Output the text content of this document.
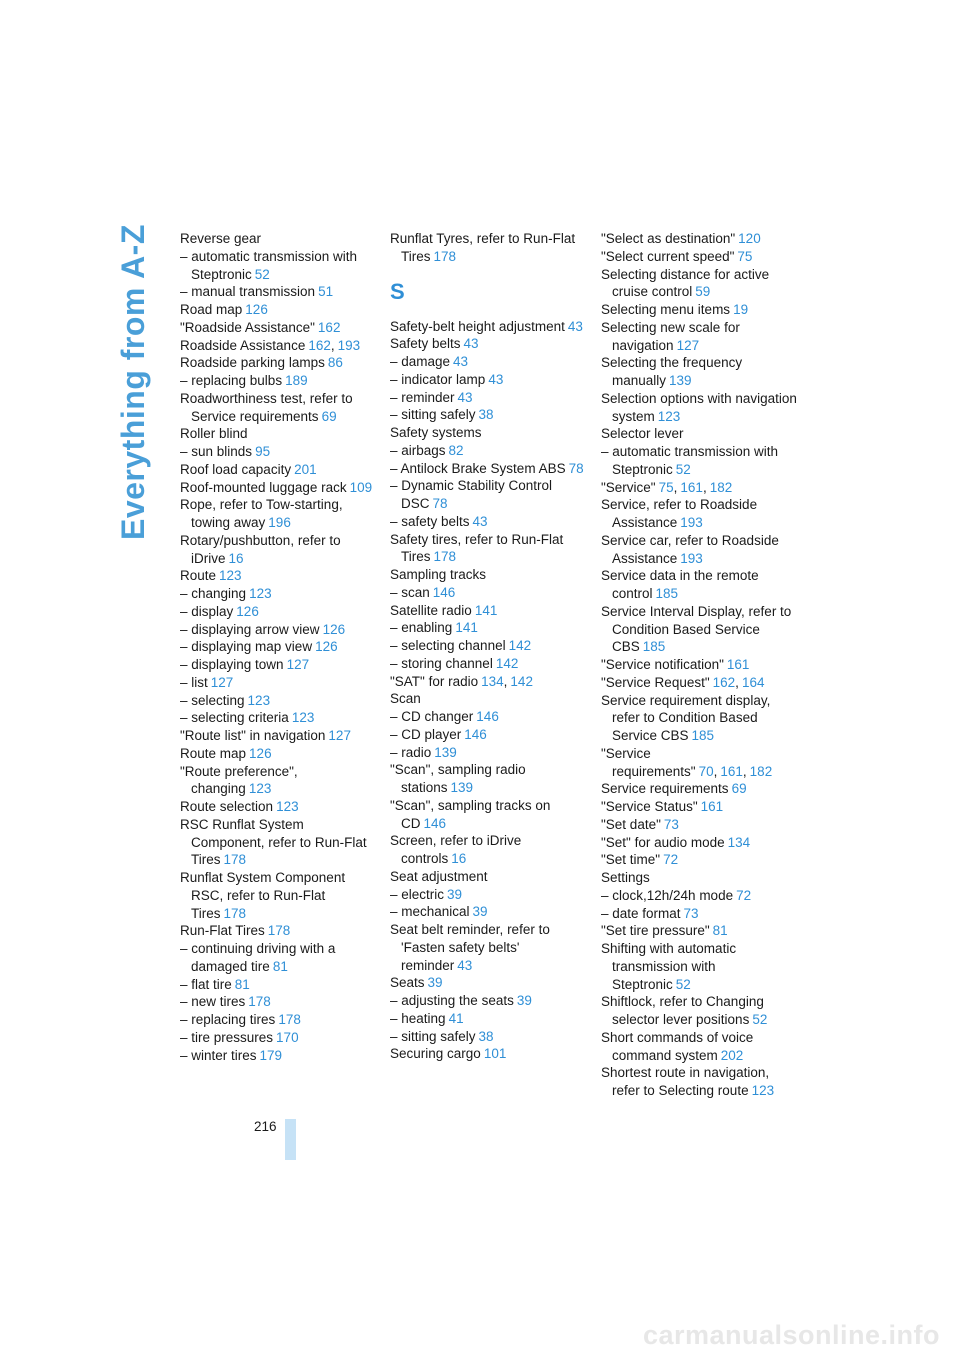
Everything from A-Z Reverse gear
– automatic transmission with Steptronic 52
– manual transmission 51
Road map 126
"Roadside Assistance" 162
Roadside Assistance 162, 193
Roadside parking lamps 86
– replacing bulbs 189
Roadworthiness test, refer to Service requirements 69
Roller blind
– sun blinds 95
Roof load capacity 201
Roof-mounted luggage rack 109
Rope, refer to Tow-starting, towing away 196
Rotary/pushbutton, refer to iDrive 16
Route 123
– changing 123
– display 126
– displaying arrow view 126
– displaying map view 126
– displaying town 127
– list 127
– selecting 123
– selecting criteria 123
"Route list" in navigation 127
Route map 126
"Route preference", changing 123
Route selection 123
RSC Runflat System Component, refer to Run-Flat Tires 178
Runflat System Component RSC, refer to Run-Flat Tires 178
Run-Flat Tires 178
– continuing driving with a damaged tire 81
– flat tire 81
– new tires 178
– replacing tires 178
– tire pressures 170
– winter tires 179
Runflat Tyres, refer to Run-Flat Tires 178
S
Safety-belt height adjustment 43
Safety belts 43
– damage 43
– indicator lamp 43
– reminder 43
– sitting safely 38
Safety systems
– airbags 82
– Antilock Brake System ABS 78
– Dynamic Stability Control DSC 78
– safety belts 43
Safety tires, refer to Run-Flat Tires 178
Sampling tracks
– scan 146
Satellite radio 141
– enabling 141
– selecting channel 142
– storing channel 142
"SAT" for radio 134, 142
Scan
– CD changer 146
– CD player 146
– radio 139
"Scan", sampling radio stations 139
"Scan", sampling tracks on CD 146
Screen, refer to iDrive controls 16
Seat adjustment
– electric 39
– mechanical 39
Seat belt reminder, refer to 'Fasten safety belts' reminder 43
Seats 39
– adjusting the seats 39
– heating 41
– sitting safely 38
Securing cargo 101
"Select as destination" 120
"Select current speed" 75
Selecting distance for active cruise control 59
Selecting menu items 19
Selecting new scale for navigation 127
Selecting the frequency manually 139
Selection options with navigation system 123
Selector lever
– automatic transmission with Steptronic 52
"Service" 75, 161, 182
Service, refer to Roadside Assistance 193
Service car, refer to Roadside Assistance 193
Service data in the remote control 185
Service Interval Display, refer to Condition Based Service CBS 185
"Service notification" 161
"Service Request" 162, 164
Service requirement display, refer to Condition Based Service CBS 185
"Service requirements" 70, 161, 182
Service requirements 69
"Service Status" 161
"Set date" 73
"Set" for audio mode 134
"Set time" 72
Settings
– clock,12h/24h mode 72
– date format 73
"Set tire pressure" 81
Shifting with automatic transmission with Steptronic 52
Shiftlock, refer to Changing selector lever positions 52
Short commands of voice command system 202
Shortest route in navigation, refer to Selecting route 123
216
carmanualsonline.info
